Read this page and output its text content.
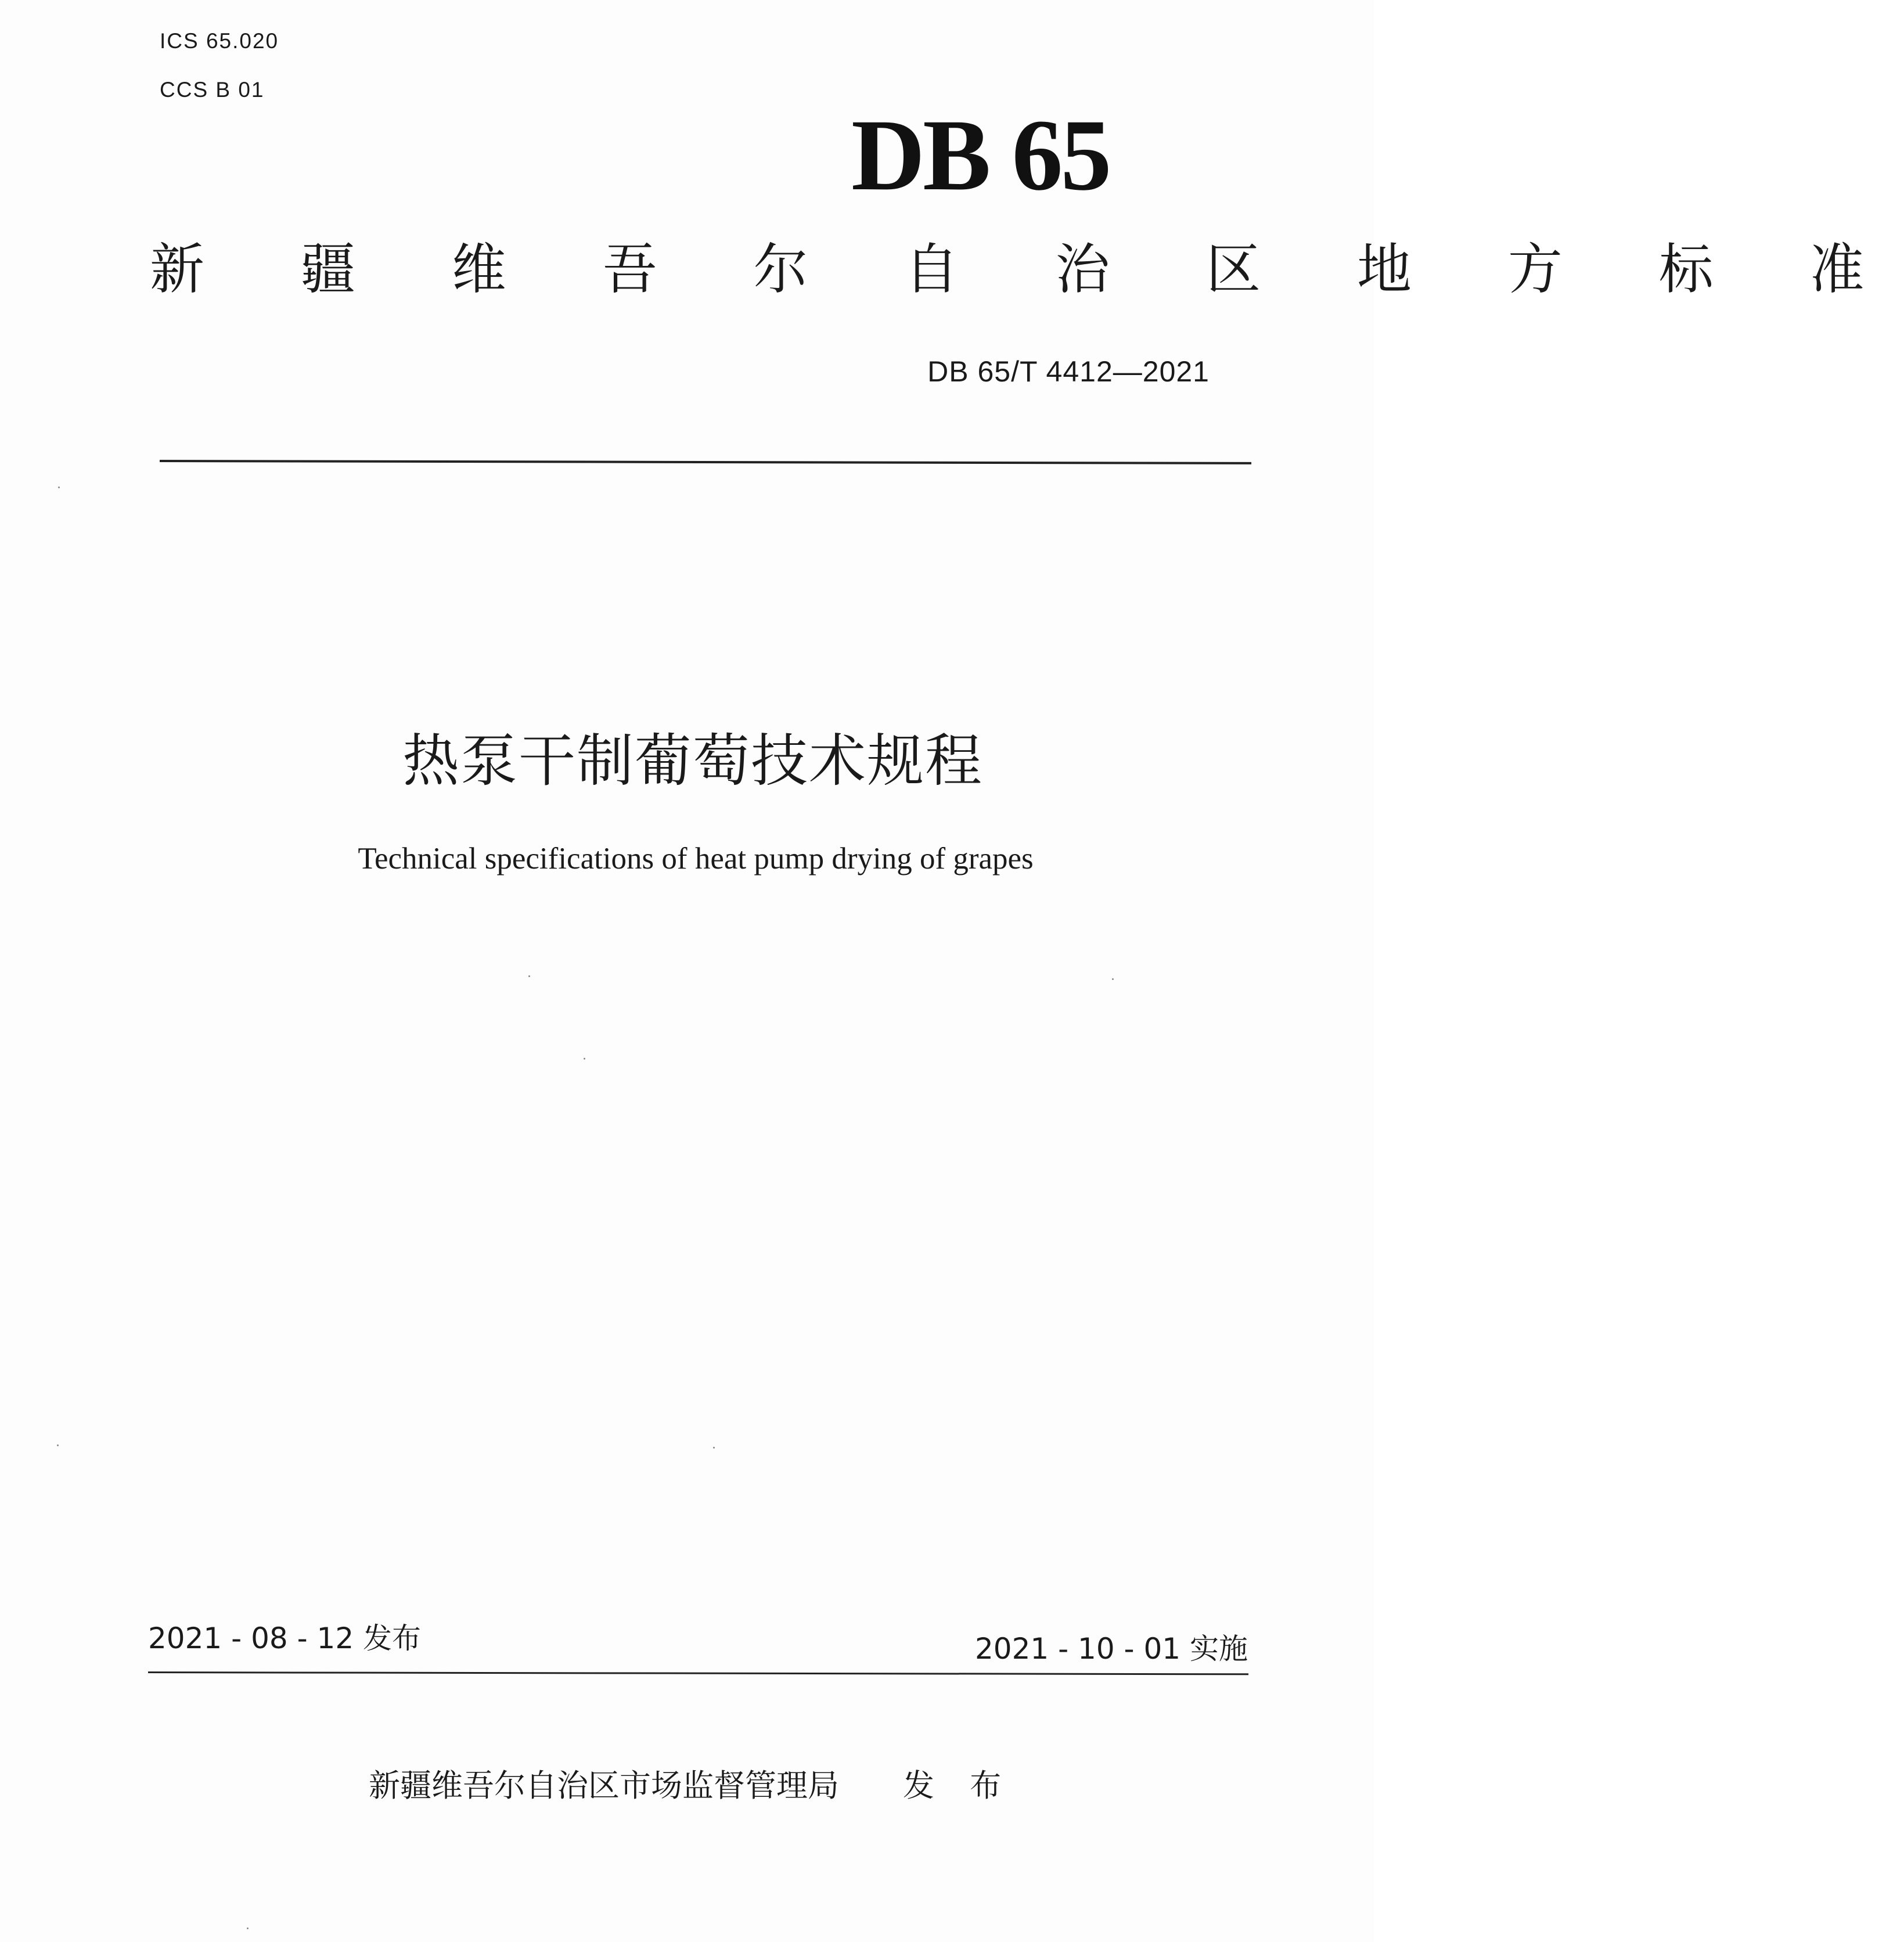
ICS 65.020
CCS B 01
DB 65
新 疆 维 吾 尔 自 治 区 地 方 标 准
DB 65/T 4412—2021
热泵干制葡萄技术规程
Technical specifications of heat pump drying of grapes
2021 - 08 - 12 发布	2021 - 10 - 01 实施
新疆维吾尔自治区市场监督管理局 发 布
